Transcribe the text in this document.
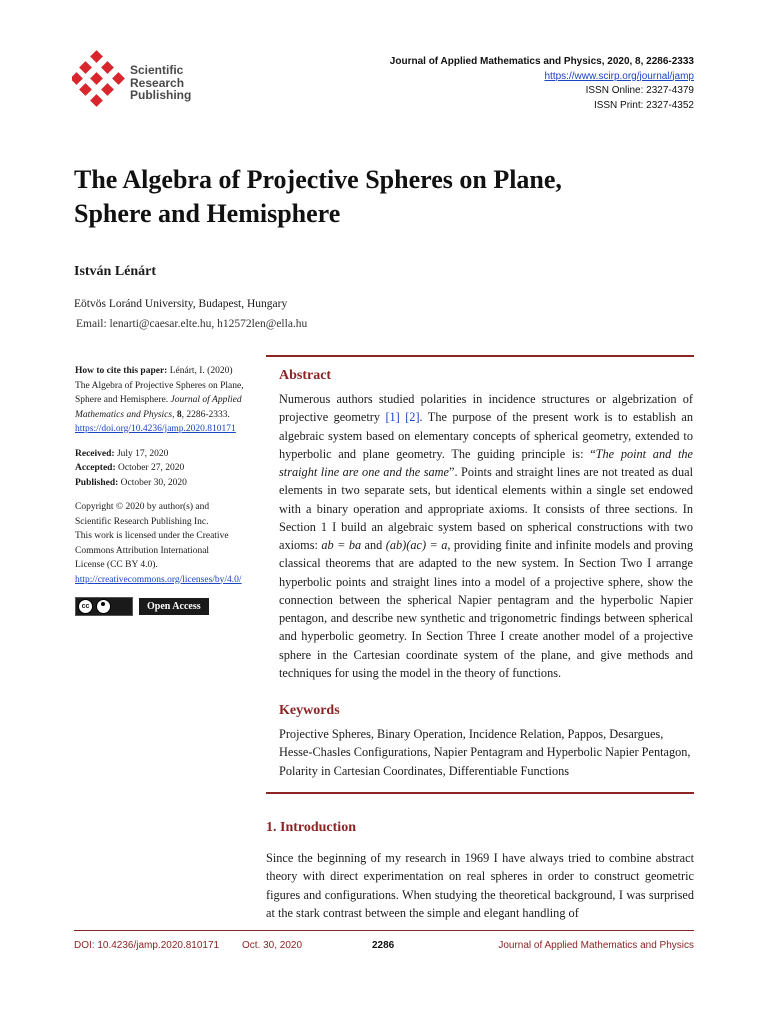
Scientific
Research
Publishing
Journal of Applied Mathematics and Physics, 2020, 8, 2286-2333
https://www.scirp.org/journal/jamp
ISSN Online: 2327-4379
ISSN Print: 2327-4352
The Algebra of Projective Spheres on Plane,
Sphere and Hemisphere
István Lénárt
Eötvös Loránd University, Budapest, Hungary
Email: lenarti@caesar.elte.hu, h12572len@ella.hu

How to cite this paper: Lénárt, I. (2020)
The Algebra of Projective Spheres on Plane,
Sphere and Hemisphere. Journal of Applied
Mathematics and Physics, 8, 2286-2333.
https://doi.org/10.4236/jamp.2020.810171

Received: July 17, 2020
Accepted: October 27, 2020
Published: October 30, 2020

Copyright © 2020 by author(s) and
Scientific Research Publishing Inc.
This work is licensed under the Creative
Commons Attribution International
License (CC BY 4.0).
http://creativecommons.org/licenses/by/4.0/

cc	Open Access
Abstract

Numerous authors studied polarities in incidence structures or algebrization of projective geometry [1] [2]. The purpose of the present work is to establish an algebraic system based on elementary concepts of spherical geometry, extended to hyperbolic and plane geometry. The guiding principle is: “The point and the straight line are one and the same”. Points and straight lines are not treated as dual elements in two separate sets, but identical elements within a single set endowed with a binary operation and appropriate axioms. It consists of three sections. In Section 1 I build an algebraic system based on spherical constructions with two axioms: ab = ba and (ab)(ac) = a, providing finite and infinite models and proving classical theorems that are adapted to the new system. In Section Two I arrange hyperbolic points and straight lines into a model of a projective sphere, show the connection between the spherical Napier pentagram and the hyperbolic Napier pentagon, and describe new synthetic and trigonometric findings between spherical and hyperbolic geometry. In Section Three I create another model of a projective sphere in the Cartesian coordinate system of the plane, and give methods and techniques for using the model in the theory of functions.

Keywords

Projective Spheres, Binary Operation, Incidence Relation, Pappos, Desargues, Hesse-Chasles Configurations, Napier Pentagram and Hyperbolic Napier Pentagon, Polarity in Cartesian Coordinates, Differentiable Functions

1. Introduction

Since the beginning of my research in 1969 I have always tried to combine abstract theory with direct experimentation on real spheres in order to construct geometric figures and configurations. When studying the theoretical background, I was surprised at the stark contrast between the simple and elegant handling of

DOI: 10.4236/jamp.2020.810171 Oct. 30, 2020	2286	Journal of Applied Mathematics and Physics
